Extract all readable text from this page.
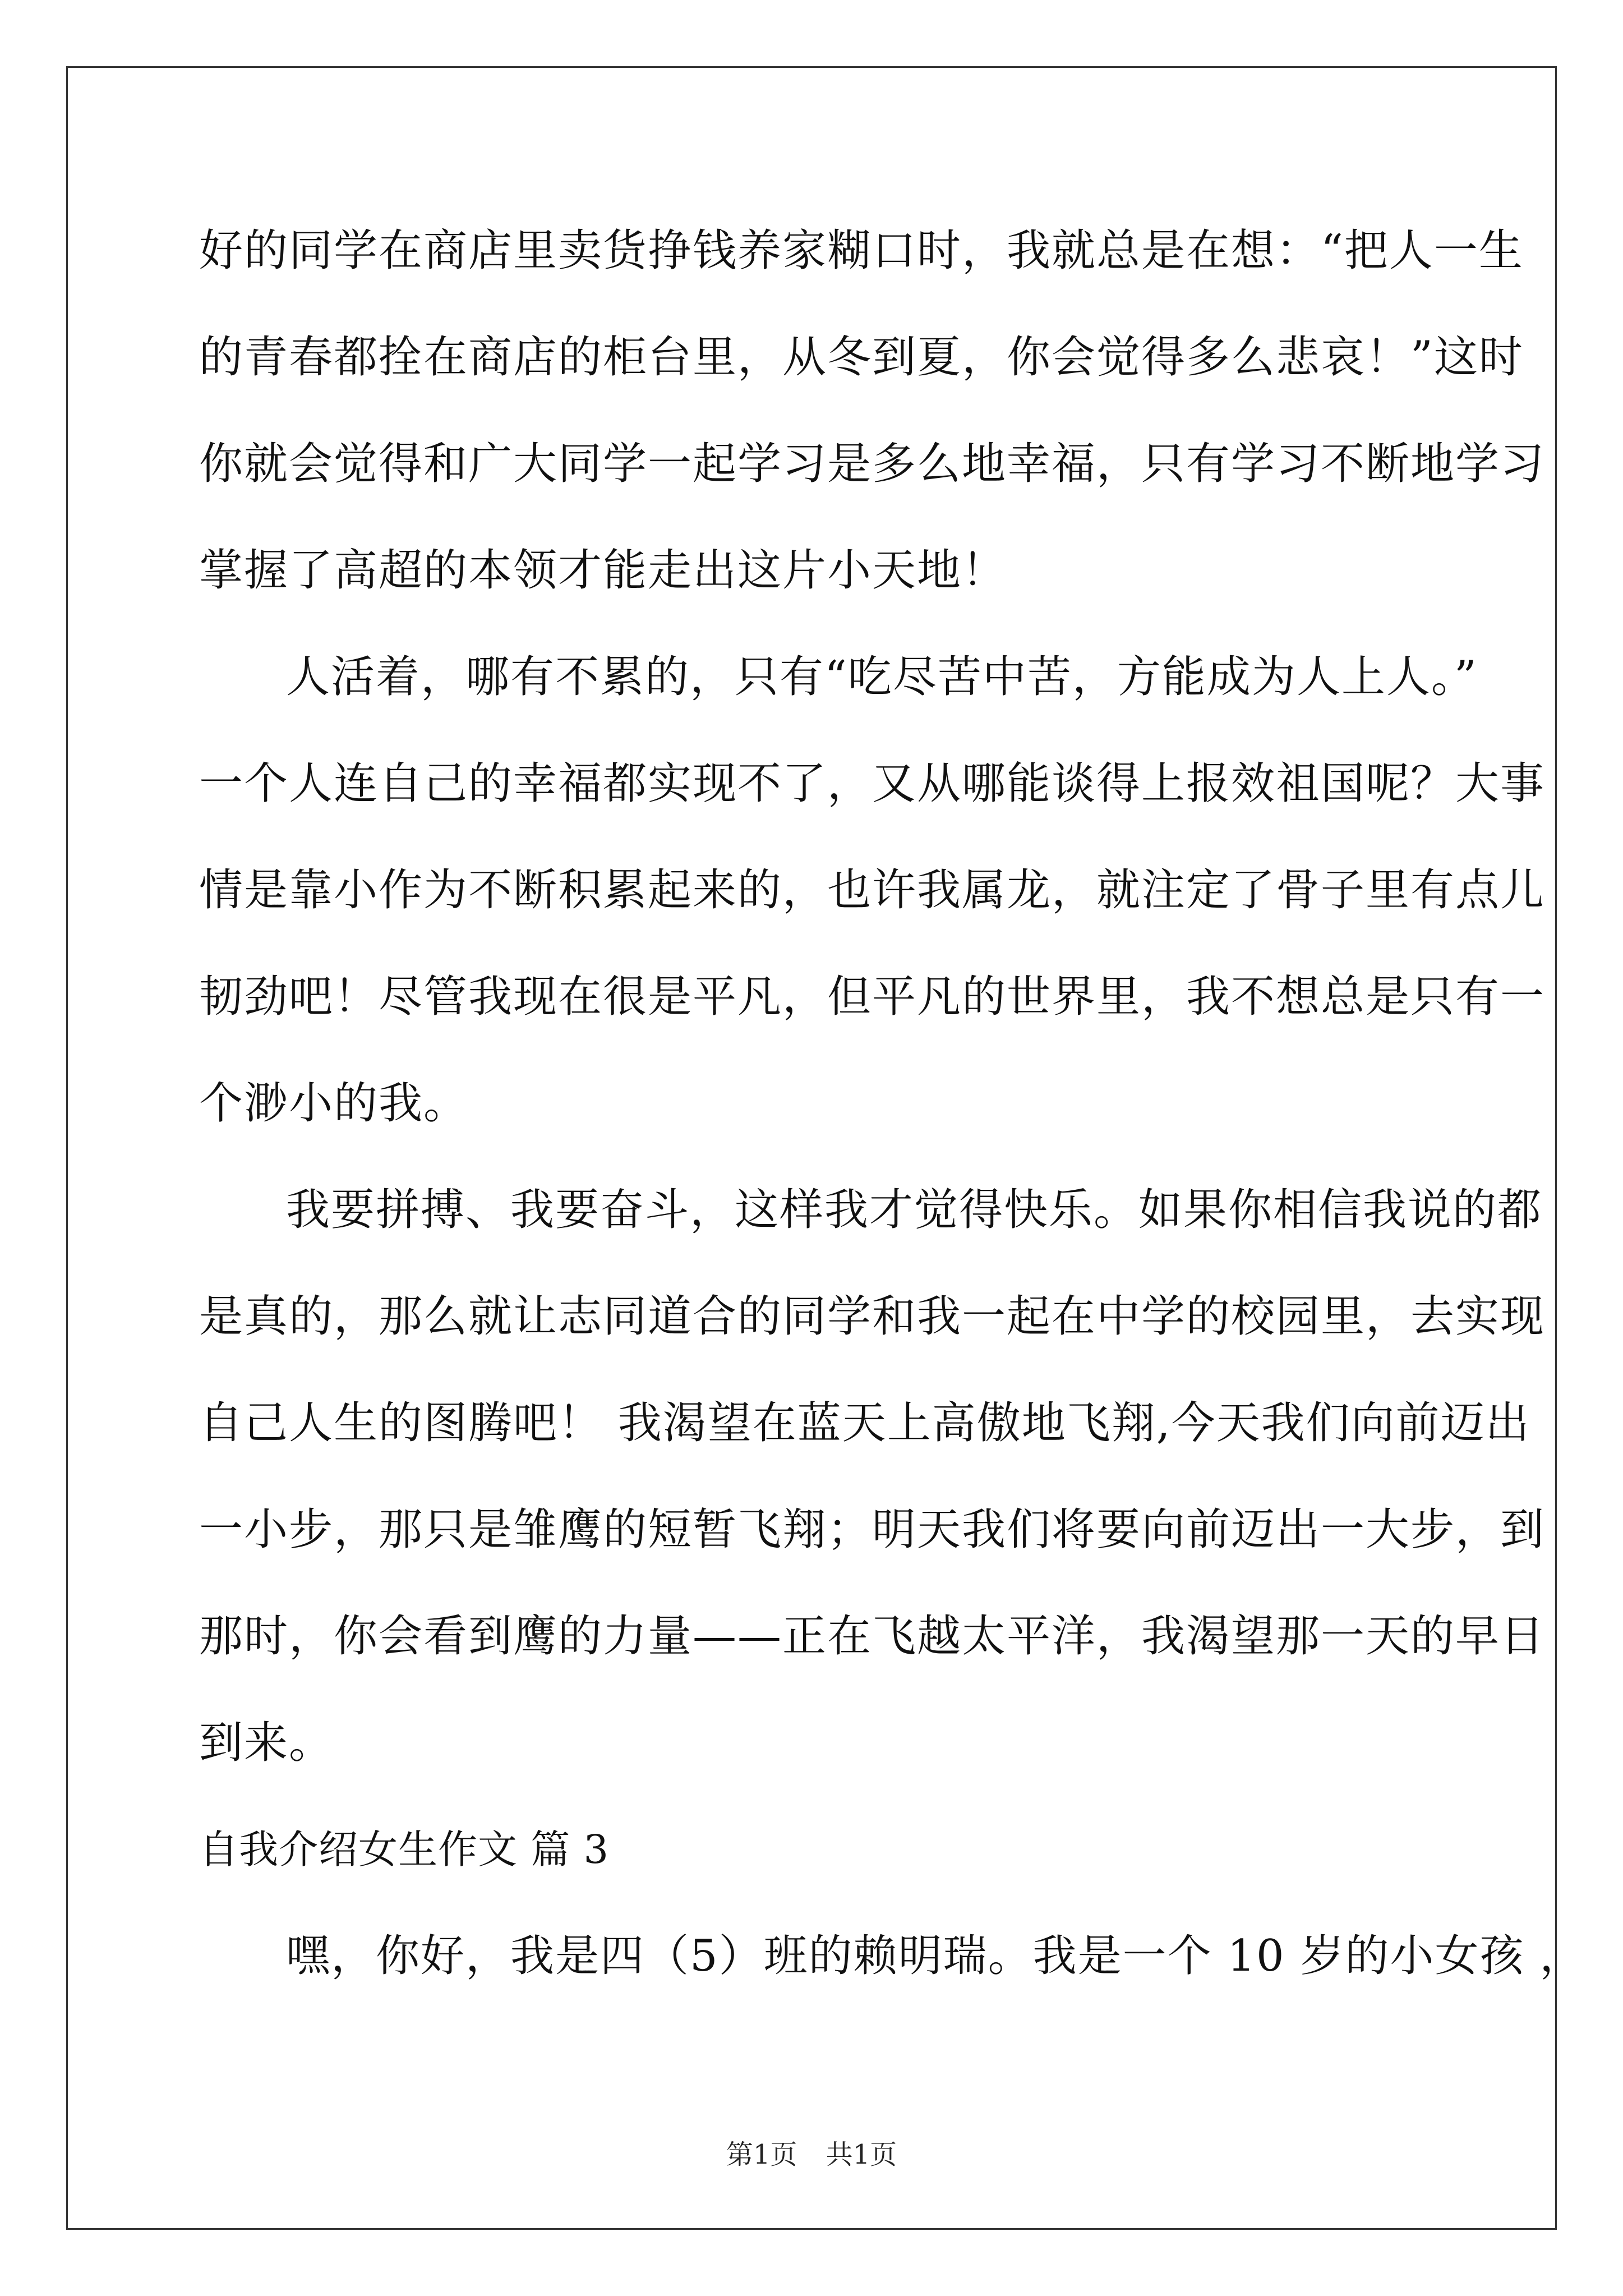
好的同学在商店里卖货挣钱养家糊口时，我就总是在想：“把人一生
的青春都拴在商店的柜台里，从冬到夏，你会觉得多么悲哀！”这时
你就会觉得和广大同学一起学习是多么地幸福，只有学习不断地学习
掌握了高超的本领才能走出这片小天地！
人活着，哪有不累的，只有“吃尽苦中苦，方能成为人上人。”
一个人连自己的幸福都实现不了，又从哪能谈得上报效祖国呢？大事
情是靠小作为不断积累起来的，也许我属龙，就注定了骨子里有点儿
韧劲吧！尽管我现在很是平凡，但平凡的世界里，我不想总是只有一
个渺小的我。
我要拼搏、我要奋斗，这样我才觉得快乐。如果你相信我说的都
是真的，那么就让志同道合的同学和我一起在中学的校园里，去实现
自己人生的图腾吧！ 我渴望在蓝天上高傲地飞翔,今天我们向前迈出
一小步，那只是雏鹰的短暂飞翔；明天我们将要向前迈出一大步，到
那时，你会看到鹰的力量——正在飞越太平洋，我渴望那一天的早日
到来。
自我介绍女生作文 篇 3
嘿，你好，我是四（5）班的赖明瑞。我是一个 10 岁的小女孩 ，
第1页 共1页
